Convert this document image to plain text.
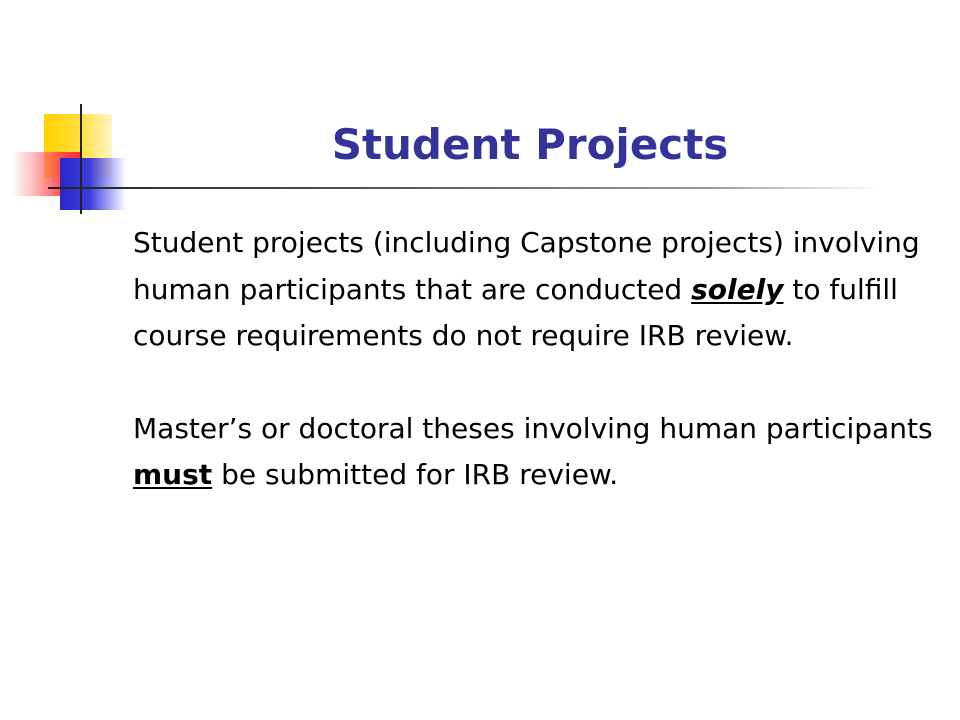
Student Projects

Student projects (including Capstone projects) involving human participants that are conducted solely to fulfill course requirements do not require IRB review.

Master’s or doctoral theses involving human participants must be submitted for IRB review.
